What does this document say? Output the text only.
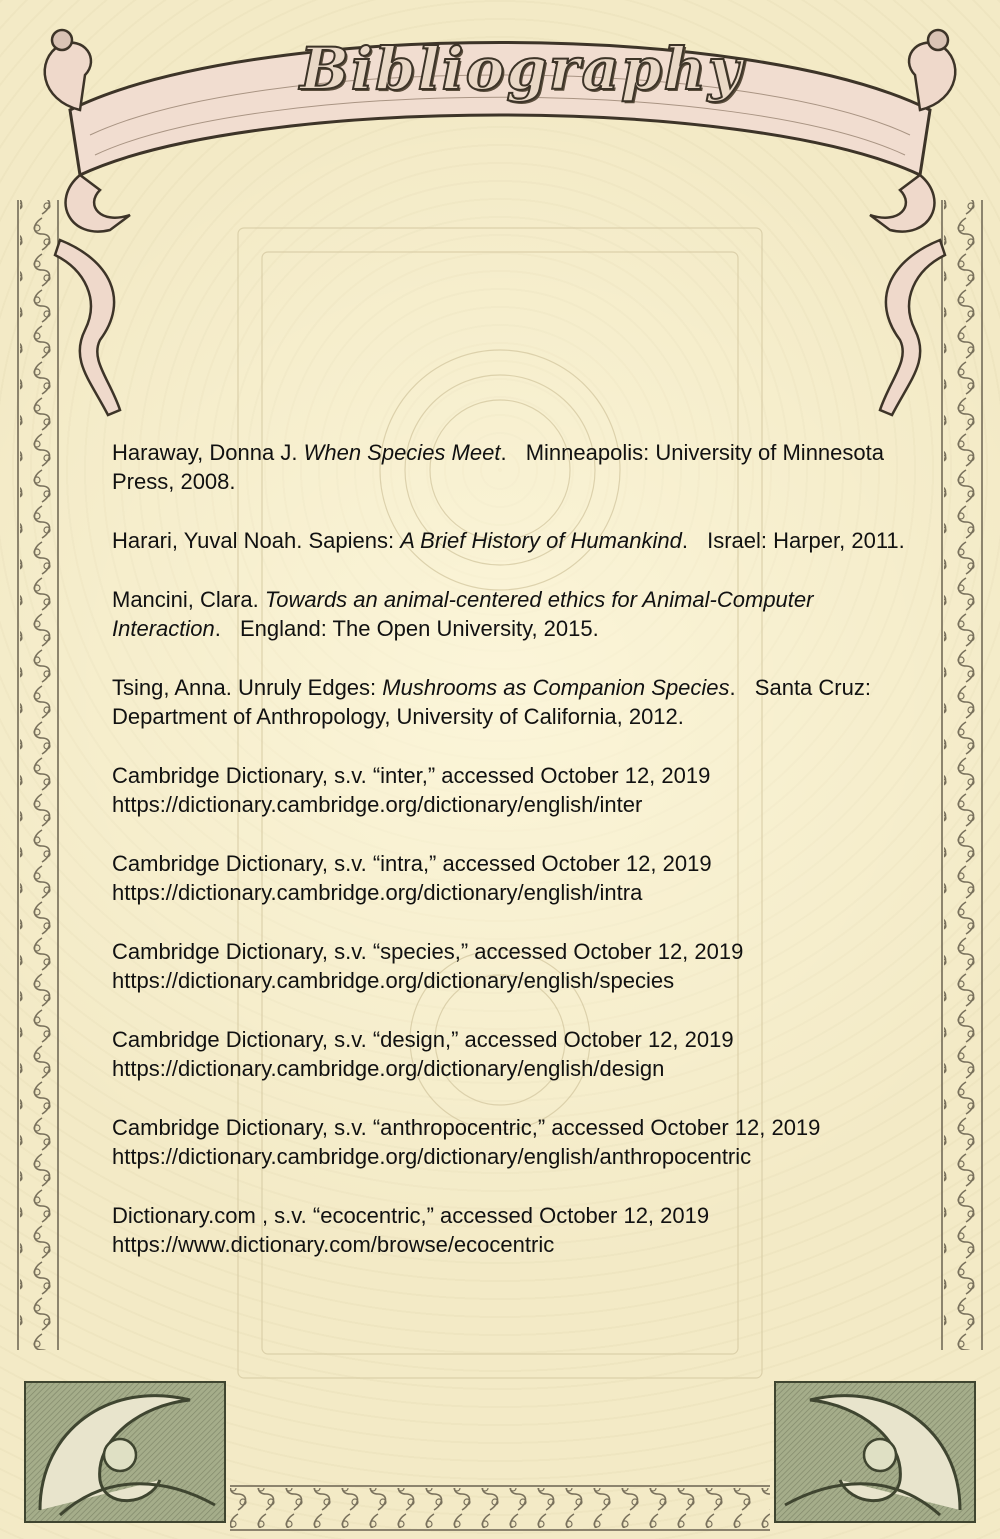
Bibliography
Haraway, Donna J. When Species Meet. Minneapolis: University of Minnesota Press, 2008.
Harari, Yuval Noah. Sapiens: A Brief History of Humankind. Israel: Harper, 2011.
Mancini, Clara. Towards an animal-centered ethics for Animal-Computer Interaction. England: The Open University, 2015.
Tsing, Anna. Unruly Edges: Mushrooms as Companion Species. Santa Cruz: Department of Anthropology, University of California, 2012.
Cambridge Dictionary, s.v. “inter,” accessed October 12, 2019 https://dictionary.cambridge.org/dictionary/english/inter
Cambridge Dictionary, s.v. “intra,” accessed October 12, 2019 https://dictionary.cambridge.org/dictionary/english/intra
Cambridge Dictionary, s.v. “species,” accessed October 12, 2019 https://dictionary.cambridge.org/dictionary/english/species
Cambridge Dictionary, s.v. “design,” accessed October 12, 2019 https://dictionary.cambridge.org/dictionary/english/design
Cambridge Dictionary, s.v. “anthropocentric,” accessed October 12, 2019 https://dictionary.cambridge.org/dictionary/english/anthropocentric
Dictionary.com , s.v. “ecocentric,” accessed October 12, 2019 https://www.dictionary.com/browse/ecocentric
